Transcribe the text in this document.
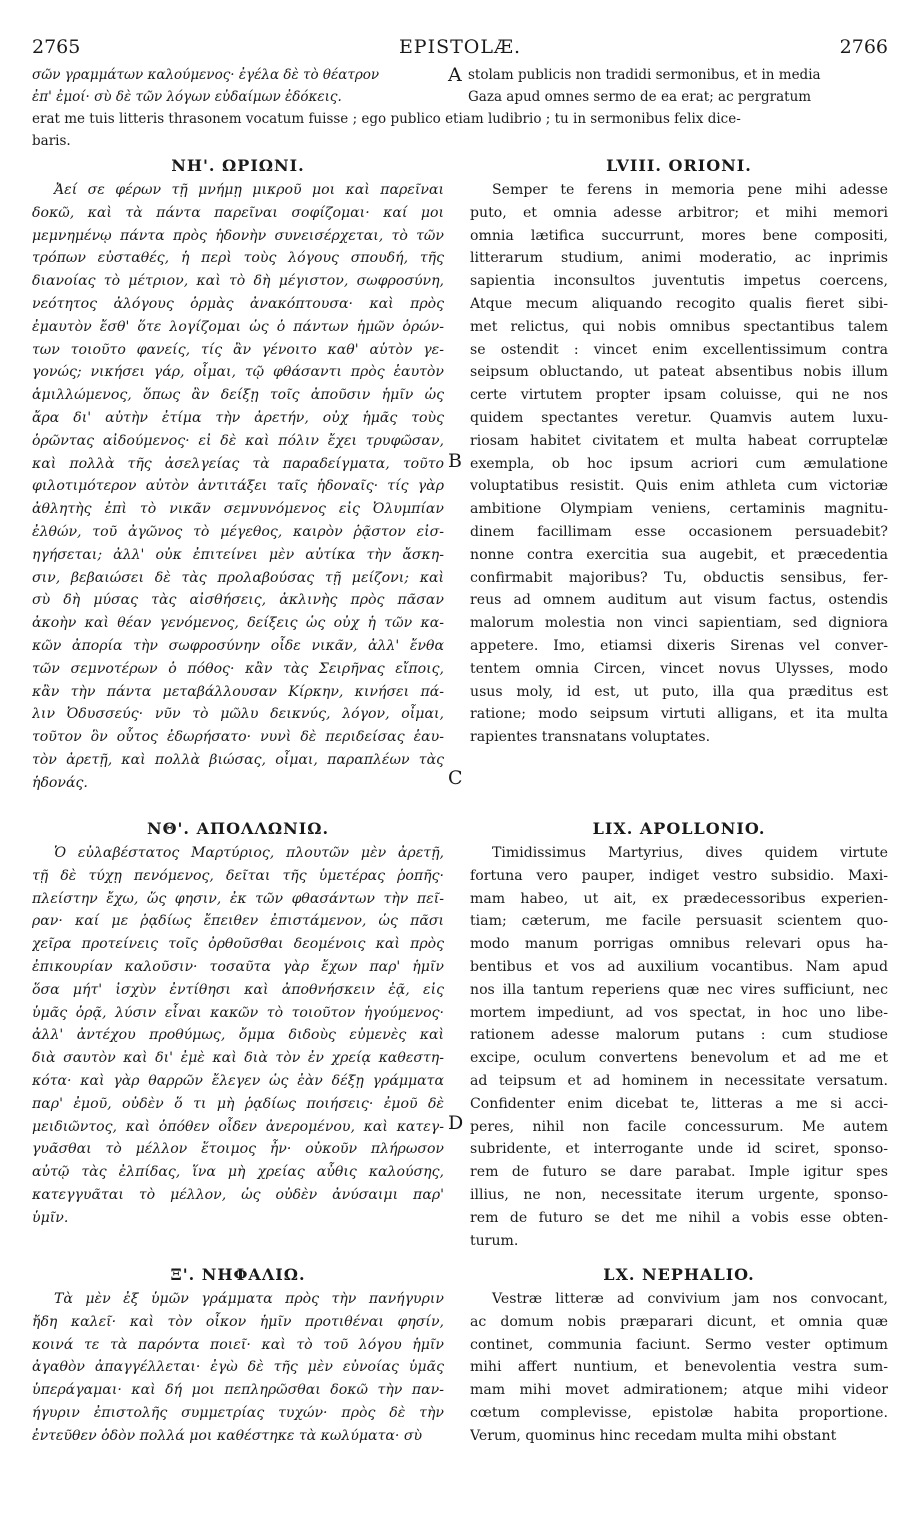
2765	EPISTOLÆ.	2766
σῶν γραμμάτων καλούμενος· ἐγέλα δὲ τὸ θέατρον	stolam publicis non tradidi sermonibus, et in media
ἐπ' ἐμοί· σὺ δὲ τῶν λόγων εὐδαίμων ἐδόκεις.	Gaza apud omnes sermo de ea erat; ac pergratum
erat me tuis litteris thrasonem vocatum fuisse ; ego publico etiam ludibrio ; tu in sermonibus felix dice-
baris.
A
B
C
D
ΝΗ'. ΩΡΙΩΝΙ.
Ἀεί σε φέρων τῇ μνήμῃ μικροῦ μοι καὶ παρεῖναι
δοκῶ, καὶ τὰ πάντα παρεῖναι σοφίζομαι· καί μοι
μεμνημένῳ πάντα πρὸς ἡδονὴν συνεισέρχεται, τὸ τῶν
τρόπων εὐσταθές, ἡ περὶ τοὺς λόγους σπουδή, τῆς
διανοίας τὸ μέτριον, καὶ τὸ δὴ μέγιστον, σωφροσύνη,
νεότητος ἀλόγους ὁρμὰς ἀνακόπτουσα· καὶ πρὸς
ἐμαυτὸν ἔσθ' ὅτε λογίζομαι ὡς ὁ πάντων ἡμῶν ὁρών-
των τοιοῦτο φανείς, τίς ἂν γένοιτο καθ' αὑτὸν γε-
γονώς; νικήσει γάρ, οἶμαι, τῷ φθάσαντι πρὸς ἑαυτὸν
ἁμιλλώμενος, ὅπως ἂν δείξῃ τοῖς ἀποῦσιν ἡμῖν ὡς
ἄρα δι' αὐτὴν ἐτίμα τὴν ἀρετήν, οὐχ ἡμᾶς τοὺς
ὁρῶντας αἰδούμενος· εἰ δὲ καὶ πόλιν ἔχει τρυφῶσαν,
καὶ πολλὰ τῆς ἀσελγείας τὰ παραδείγματα, τοῦτο
φιλοτιμότερον αὐτὸν ἀντιτάξει ταῖς ἡδοναῖς· τίς γὰρ
ἀθλητὴς ἐπὶ τὸ νικᾶν σεμνυνόμενος εἰς Ὀλυμπίαν
ἐλθών, τοῦ ἀγῶνος τὸ μέγεθος, καιρὸν ῥᾷστον εἰσ-
ηγήσεται; ἀλλ' οὐκ ἐπιτείνει μὲν αὐτίκα τὴν ἄσκη-
σιν, βεβαιώσει δὲ τὰς προλαβούσας τῇ μείζονι; καὶ
σὺ δὴ μύσας τὰς αἰσθήσεις, ἀκλινὴς πρὸς πᾶσαν
ἀκοὴν καὶ θέαν γενόμενος, δείξεις ὡς οὐχ ἡ τῶν κα-
κῶν ἀπορία τὴν σωφροσύνην οἶδε νικᾶν, ἀλλ' ἔνθα
τῶν σεμνοτέρων ὁ πόθος· κἂν τὰς Σειρῆνας εἴποις,
κἂν τὴν πάντα μεταβάλλουσαν Κίρκην, κινήσει πά-
λιν Ὀδυσσεύς· νῦν τὸ μῶλυ δεικνύς, λόγον, οἶμαι,
τοῦτον ὃν οὗτος ἐδωρήσατο· νυνὶ δὲ περιδείσας ἑαυ-
τὸν ἀρετῇ, καὶ πολλὰ βιώσας, οἶμαι, παραπλέων τὰς
ἡδονάς.
LVIII. ORIONI.
Semper te ferens in memoria pene mihi adesse
puto, et omnia adesse arbitror; et mihi memori
omnia lætifica succurrunt, mores bene compositi,
litterarum studium, animi moderatio, ac inprimis
sapientia inconsultos juventutis impetus coercens,
Atque mecum aliquando recogito qualis fieret sibi-
met relictus, qui nobis omnibus spectantibus talem
se ostendit : vincet enim excellentissimum contra
seipsum obluctando, ut pateat absentibus nobis illum
certe virtutem propter ipsam coluisse, qui ne nos
quidem spectantes veretur. Quamvis autem luxu-
riosam habitet civitatem et multa habeat corruptelæ
exempla, ob hoc ipsum acriori cum æmulatione
voluptatibus resistit. Quis enim athleta cum victoriæ
ambitione Olympiam veniens, certaminis magnitu-
dinem facillimam esse occasionem persuadebit?
nonne contra exercitia sua augebit, et præcedentia
confirmabit majoribus? Tu, obductis sensibus, fer-
reus ad omnem auditum aut visum factus, ostendis
malorum molestia non vinci sapientiam, sed digniora
appetere. Imo, etiamsi dixeris Sirenas vel conver-
tentem omnia Circen, vincet novus Ulysses, modo
usus moly, id est, ut puto, illa qua præditus est
ratione; modo seipsum virtuti alligans, et ita multa
rapientes transnatans voluptates.
ΝΘ'. ΑΠΟΛΛΩΝΙΩ.
Ὁ εὐλαβέστατος Μαρτύριος, πλουτῶν μὲν ἀρετῇ,
τῇ δὲ τύχῃ πενόμενος, δεῖται τῆς ὑμετέρας ῥοπῆς·
πλείστην ἔχω, ὥς φησιν, ἐκ τῶν φθασάντων τὴν πεῖ-
ραν· καί με ῥᾳδίως ἔπειθεν ἐπιστάμενον, ὡς πᾶσι
χεῖρα προτείνεις τοῖς ὀρθοῦσθαι δεομένοις καὶ πρὸς
ἐπικουρίαν καλοῦσιν· τοσαῦτα γὰρ ἔχων παρ' ἡμῖν
ὅσα μήτ' ἰσχὺν ἐντίθησι καὶ ἀποθνήσκειν ἐᾷ, εἰς
ὑμᾶς ὁρᾷ, λύσιν εἶναι κακῶν τὸ τοιοῦτον ἡγούμενος·
ἀλλ' ἀντέχου προθύμως, ὄμμα διδοὺς εὐμενὲς καὶ
διὰ σαυτὸν καὶ δι' ἐμὲ καὶ διὰ τὸν ἐν χρείᾳ καθεστη-
κότα· καὶ γὰρ θαρρῶν ἔλεγεν ὡς ἐὰν δέξῃ γράμματα
παρ' ἐμοῦ, οὐδὲν ὅ τι μὴ ῥᾳδίως ποιήσεις· ἐμοῦ δὲ
μειδιῶντος, καὶ ὁπόθεν οἶδεν ἀνερομένου, καὶ κατεγ-
γυᾶσθαι τὸ μέλλον ἕτοιμος ἦν· οὐκοῦν πλήρωσον
αὐτῷ τὰς ἐλπίδας, ἵνα μὴ χρείας αὖθις καλούσης,
κατεγγυᾶται τὸ μέλλον, ὡς οὐδὲν ἀνύσαιμι παρ'
ὑμῖν.
LIX. APOLLONIO.
Timidissimus Martyrius, dives quidem virtute
fortuna vero pauper, indiget vestro subsidio. Maxi-
mam habeo, ut ait, ex prædecessoribus experien-
tiam; cæterum, me facile persuasit scientem quo-
modo manum porrigas omnibus relevari opus ha-
bentibus et vos ad auxilium vocantibus. Nam apud
nos illa tantum reperiens quæ nec vires sufficiunt, nec
mortem impediunt, ad vos spectat, in hoc uno libe-
rationem adesse malorum putans : cum studiose
excipe, oculum convertens benevolum et ad me et
ad teipsum et ad hominem in necessitate versatum.
Confidenter enim dicebat te, litteras a me si acci-
peres, nihil non facile concessurum. Me autem
subridente, et interrogante unde id sciret, sponso-
rem de futuro se dare parabat. Imple igitur spes
illius, ne non, necessitate iterum urgente, sponso-
rem de futuro se det me nihil a vobis esse obten-
turum.
Ξ'. ΝΗΦΑΛΙΩ.
Τὰ μὲν ἐξ ὑμῶν γράμματα πρὸς τὴν πανήγυριν
ἤδη καλεῖ· καὶ τὸν οἶκον ἡμῖν προτιθέναι φησίν,
κοινά τε τὰ παρόντα ποιεῖ· καὶ τὸ τοῦ λόγου ἡμῖν
ἀγαθὸν ἀπαγγέλλεται· ἐγὼ δὲ τῆς μὲν εὐνοίας ὑμᾶς
ὑπεράγαμαι· καὶ δή μοι πεπληρῶσθαι δοκῶ τὴν παν-
ήγυριν ἐπιστολῆς συμμετρίας τυχών· πρὸς δὲ τὴν
ἐντεῦθεν ὁδὸν πολλά μοι καθέστηκε τὰ κωλύματα· σὺ
LX. NEPHALIO.
Vestræ litteræ ad convivium jam nos convocant,
ac domum nobis præparari dicunt, et omnia quæ
continet, communia faciunt. Sermo vester optimum
mihi affert nuntium, et benevolentia vestra sum-
mam mihi movet admirationem; atque mihi videor
cœtum complevisse, epistolæ habita proportione.
Verum, quominus hinc recedam multa mihi obstant
